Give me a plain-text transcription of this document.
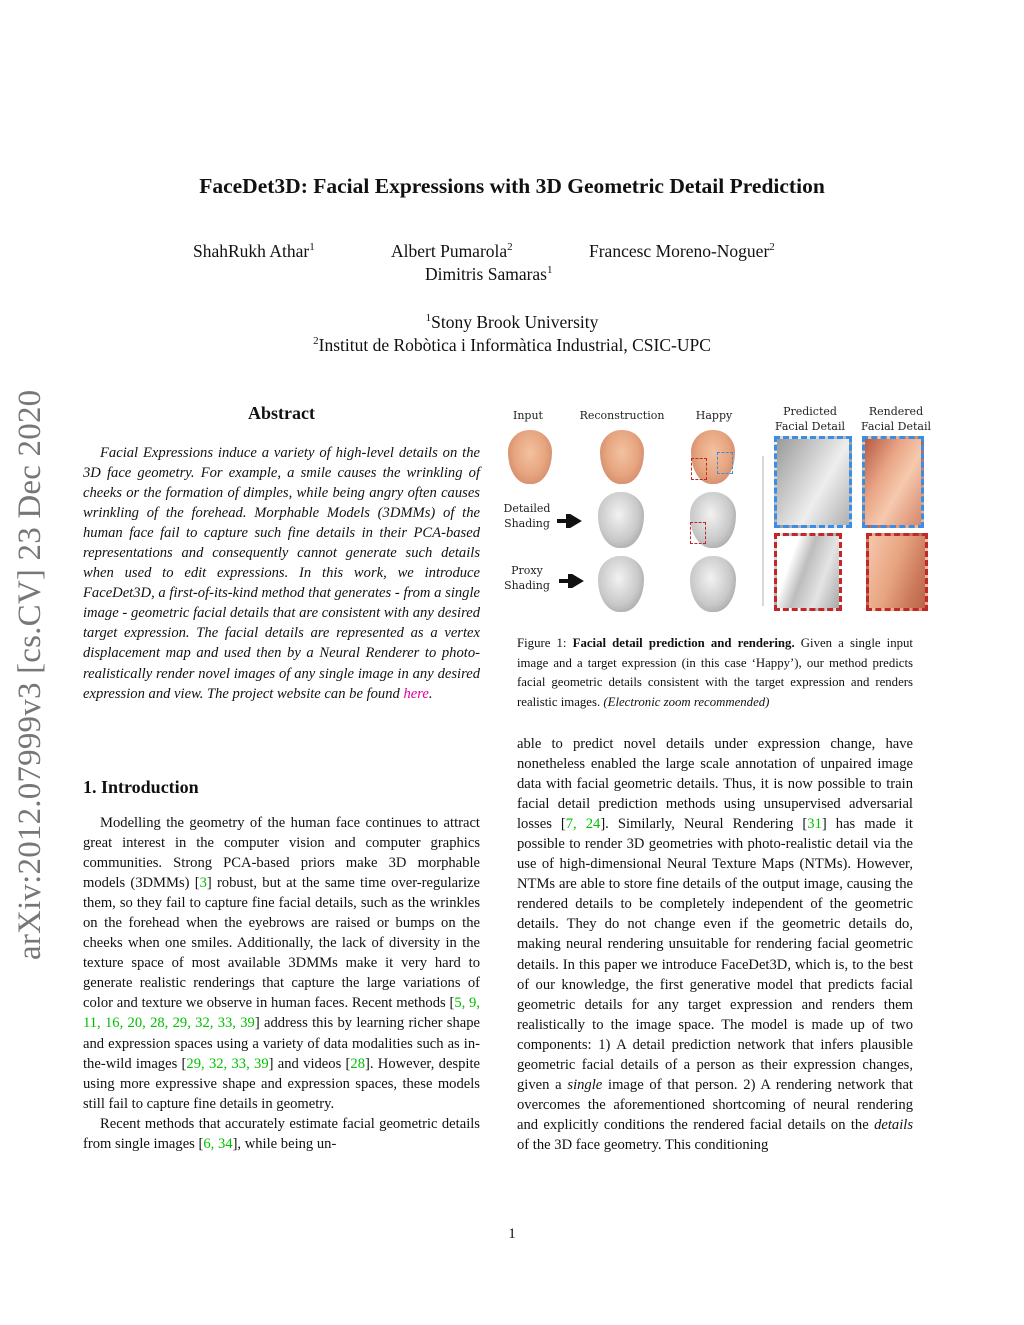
arXiv:2012.07999v3 [cs.CV] 23 Dec 2020
FaceDet3D: Facial Expressions with 3D Geometric Detail Prediction
ShahRukh Athar$^1$	Albert Pumarola$^2$	Francesc Moreno-Noguer$^2$
Dimitris Samaras$^1$
$^1$Stony Brook University
$^2$Institut de Robòtica i Informàtica Industrial, CSIC-UPC
Abstract

Facial Expressions induce a variety of high-level details on the 3D face geometry. For example, a smile causes the wrinkling of cheeks or the formation of dimples, while being angry often causes wrinkling of the forehead. Morphable Models (3DMMs) of the human face fail to capture such fine details in their PCA-based representations and consequently cannot generate such details when used to edit expressions. In this work, we introduce FaceDet3D, a first-of-its-kind method that generates - from a single image - geometric facial details that are consistent with any desired target expression. The facial details are represented as a vertex displacement map and used then by a Neural Renderer to photo-realistically render novel images of any single image in any desired expression and view. The project website can be found here.

1. Introduction

Modelling the geometry of the human face continues to attract great interest in the computer vision and computer graphics communities. Strong PCA-based priors make 3D morphable models (3DMMs) [3] robust, but at the same time over-regularize them, so they fail to capture fine facial details, such as the wrinkles on the forehead when the eyebrows are raised or bumps on the cheeks when one smiles. Additionally, the lack of diversity in the texture space of most available 3DMMs make it very hard to generate realistic renderings that capture the large variations of color and texture we observe in human faces. Recent methods [5, 9, 11, 16, 20, 28, 29, 32, 33, 39] address this by learning richer shape and expression spaces using a variety of data modalities such as in-the-wild images [29, 32, 33, 39] and videos [28]. However, despite using more expressive shape and expression spaces, these models still fail to capture fine details in geometry.

Recent methods that accurately estimate facial geometric details from single images [6, 34], while being un-

Input	Reconstruction	Happy	Predicted
Facial Detail
Rendered
Facial Detail
Detailed
Shading
Proxy
Shading
Figure 1: Facial detail prediction and rendering. Given a single input image and a target expression (in this case ‘Happy’), our method predicts facial geometric details consistent with the target expression and renders realistic images. (Electronic zoom recommended)

able to predict novel details under expression change, have nonetheless enabled the large scale annotation of unpaired image data with facial geometric details. Thus, it is now possible to train facial detail prediction methods using unsupervised adversarial losses [7, 24]. Similarly, Neural Rendering [31] has made it possible to render 3D geometries with photo-realistic detail via the use of high-dimensional Neural Texture Maps (NTMs). However, NTMs are able to store fine details of the output image, causing the rendered details to be completely independent of the geometric details. They do not change even if the geometric details do, making neural rendering unsuitable for rendering facial geometric details. In this paper we introduce FaceDet3D, which is, to the best of our knowledge, the first generative model that predicts facial geometric details for any target expression and renders them realistically to the image space. The model is made up of two components: 1) A detail prediction network that infers plausible geometric facial details of a person as their expression changes, given a single image of that person. 2) A rendering network that overcomes the aforementioned shortcoming of neural rendering and explicitly conditions the rendered facial details on the details of the 3D face geometry. This conditioning

1
